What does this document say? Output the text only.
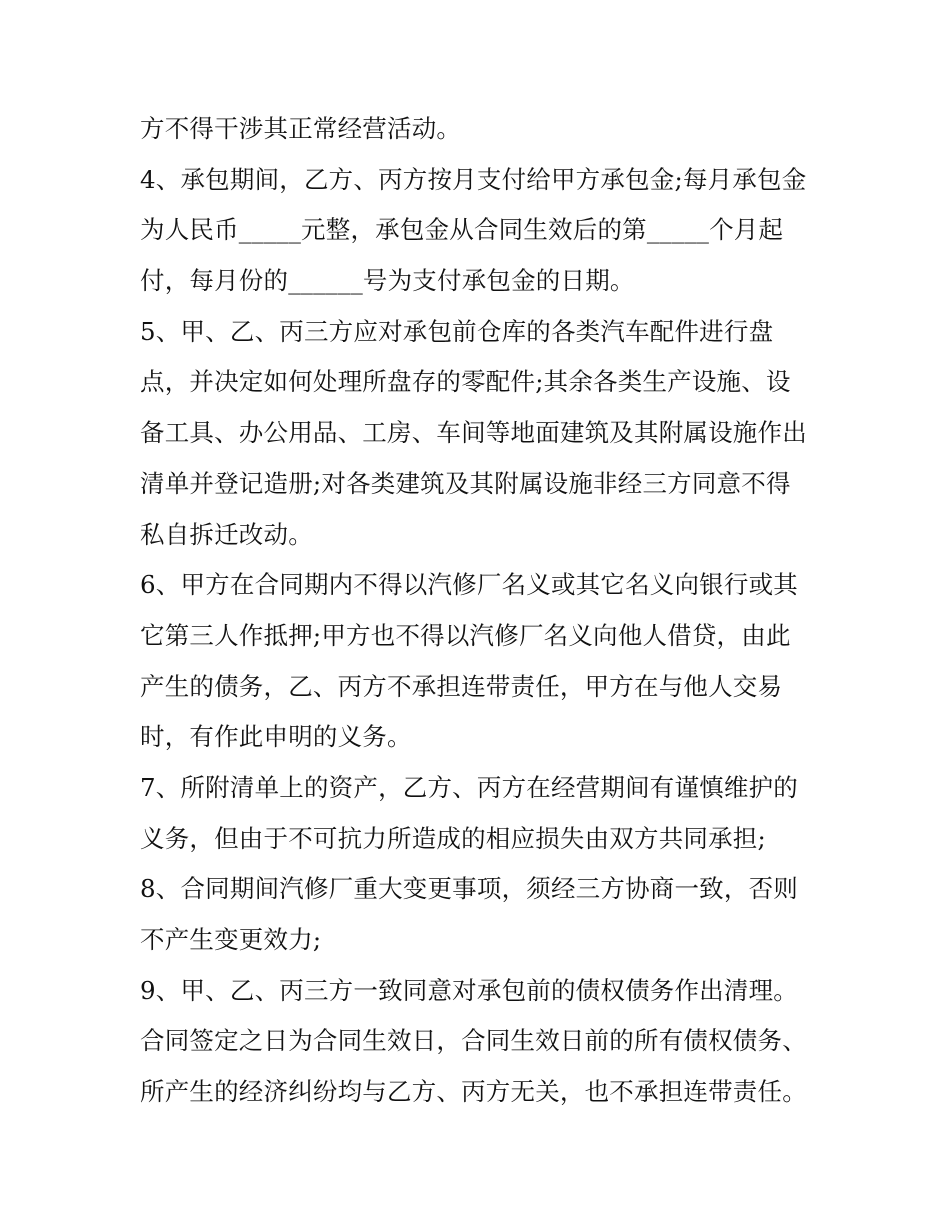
方不得干涉其正常经营活动。
4、承包期间，乙方、丙方按月支付给甲方承包金;每月承包金
为人民币_____元整，承包金从合同生效后的第_____个月起
付，每月份的______号为支付承包金的日期。
5、甲、乙、丙三方应对承包前仓库的各类汽车配件进行盘
点，并决定如何处理所盘存的零配件;其余各类生产设施、设
备工具、办公用品、工房、车间等地面建筑及其附属设施作出
清单并登记造册;对各类建筑及其附属设施非经三方同意不得
私自拆迁改动。
6、甲方在合同期内不得以汽修厂名义或其它名义向银行或其
它第三人作抵押;甲方也不得以汽修厂名义向他人借贷，由此
产生的债务，乙、丙方不承担连带责任，甲方在与他人交易
时，有作此申明的义务。
7、所附清单上的资产，乙方、丙方在经营期间有谨慎维护的
义务，但由于不可抗力所造成的相应损失由双方共同承担;
8、合同期间汽修厂重大变更事项，须经三方协商一致，否则
不产生变更效力;
9、甲、乙、丙三方一致同意对承包前的债权债务作出清理。
合同签定之日为合同生效日，合同生效日前的所有债权债务、
所产生的经济纠纷均与乙方、丙方无关，也不承担连带责任。
